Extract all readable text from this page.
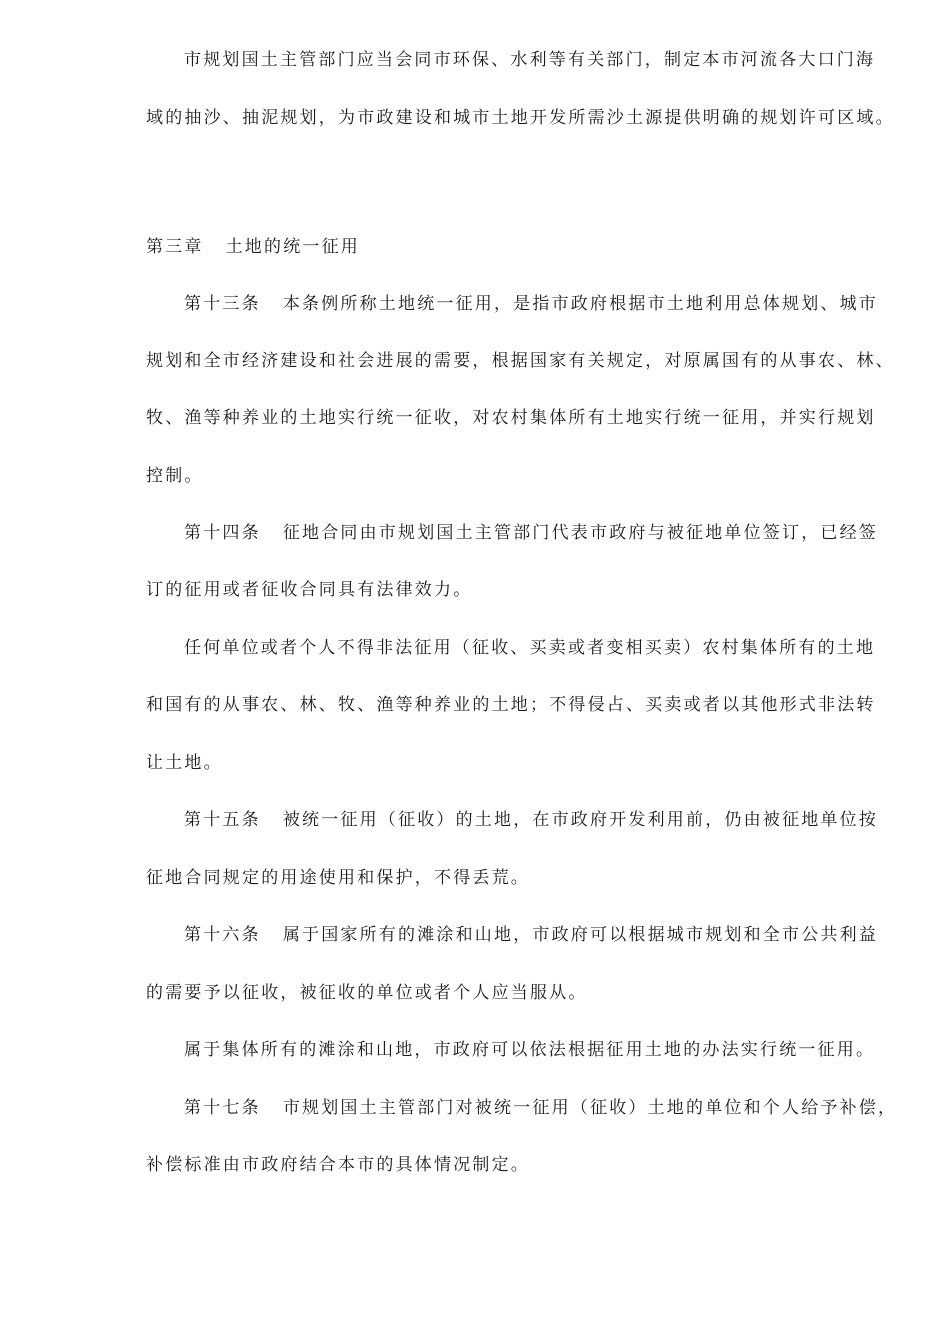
市规划国土主管部门应当会同市环保、水利等有关部门，制定本市河流各大口门海
域的抽沙、抽泥规划，为市政建设和城市土地开发所需沙土源提供明确的规划许可区域。
第三章 土地的统一征用
第十三条 本条例所称土地统一征用，是指市政府根据市土地利用总体规划、城市
规划和全市经济建设和社会进展的需要，根据国家有关规定，对原属国有的从事农、林、
牧、渔等种养业的土地实行统一征收，对农村集体所有土地实行统一征用，并实行规划
控制。
第十四条 征地合同由市规划国土主管部门代表市政府与被征地单位签订，已经签
订的征用或者征收合同具有法律效力。
任何单位或者个人不得非法征用（征收、买卖或者变相买卖）农村集体所有的土地
和国有的从事农、林、牧、渔等种养业的土地；不得侵占、买卖或者以其他形式非法转
让土地。
第十五条 被统一征用（征收）的土地，在市政府开发利用前，仍由被征地单位按
征地合同规定的用途使用和保护，不得丢荒。
第十六条 属于国家所有的滩涂和山地，市政府可以根据城市规划和全市公共利益
的需要予以征收，被征收的单位或者个人应当服从。
属于集体所有的滩涂和山地，市政府可以依法根据征用土地的办法实行统一征用。
第十七条 市规划国土主管部门对被统一征用（征收）土地的单位和个人给予补偿，
补偿标准由市政府结合本市的具体情况制定。
